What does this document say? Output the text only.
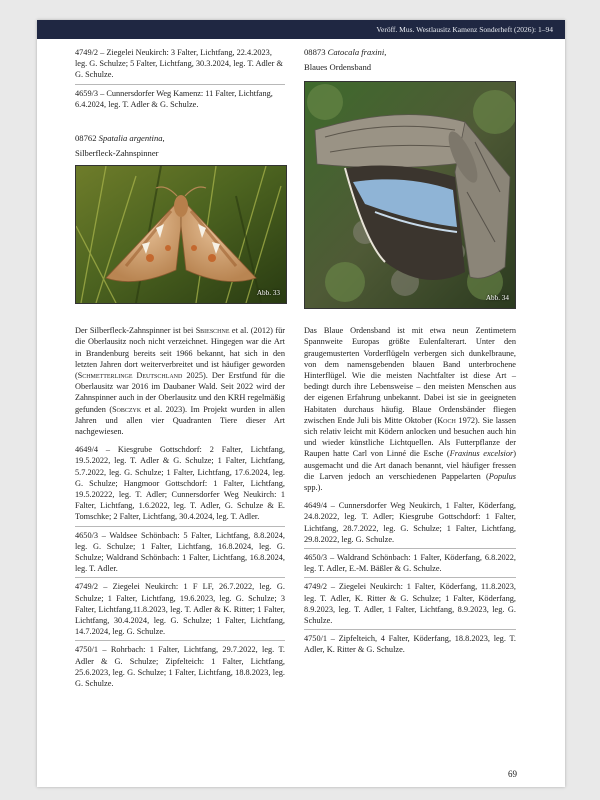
Veröff. Mus. Westlausitz Kamenz Sonderheft (2026): 1–94

4749/2 – Ziegelei Neukirch: 3 Falter, Lichtfang, 22.4.2023, leg. G. Schulze; 5 Falter, Lichtfang, 30.3.2024, leg. T. Adler & G. Schulze.

4659/3 – Cunnersdorfer Weg Kamenz: 11 Falter, Lichtfang, 6.4.2024, leg. T. Adler & G. Schulze.

08762 Spatalia argentina,

Silberfleck-Zahnspinner

Abb. 33

Der Silberfleck-Zahnspinner ist bei Sbieschne et al. (2012) für die Oberlausitz noch nicht verzeichnet. Hingegen war die Art in Brandenburg bereits seit 1966 bekannt, hat sich in den letzten Jahren dort weiterverbreitet und ist häufiger geworden (Schmetterlinge Deutschland 2025). Der Erstfund für die Oberlausitz war 2016 im Daubaner Wald. Seit 2022 wird der Zahnspinner auch in der Oberlausitz und den KRH regelmäßig gefunden (Sobczyk et al. 2023). Im Projekt wurden in allen Jahren und allen vier Quadranten Tiere dieser Art nachgewiesen.

4649/4 – Kiesgrube Gottschdorf: 2 Falter, Lichtfang, 19.5.2022, leg. T. Adler & G. Schulze; 1 Falter, Lichtfang, 5.7.2022, leg. G. Schulze; 1 Falter, Lichtfang, 17.6.2024, leg. G. Schulze; Hangmoor Gottschdorf: 1 Falter, Lichtfang, 19.5.20222, leg. T. Adler; Cunnersdorfer Weg Neukirch: 1 Falter, Lichtfang, 1.6.2022, leg. T. Adler, G. Schulze & E. Tomschke; 2 Falter, Lichtfang, 30.4.2024, leg. T. Adler.

4650/3 – Waldsee Schönbach: 5 Falter, Lichtfang, 8.8.2024, leg. G. Schulze; 1 Falter, Lichtfang, 16.8.2024, leg. G. Schulze; Waldrand Schönbach: 1 Falter, Lichtfang, 16.8.2024, leg. T. Adler.

4749/2 – Ziegelei Neukirch: 1 F LF, 26.7.2022, leg. G. Schulze; 1 Falter, Lichtfang, 19.6.2023, leg. G. Schulze; 3 Falter, Lichtfang,11.8.2023, leg. T. Adler & K. Ritter; 1 Falter, Lichtfang, 30.4.2024, leg. G. Schulze; 1 Falter, Lichtfang, 14.7.2024, leg. G. Schulze.

4750/1 – Rohrbach: 1 Falter, Lichtfang, 29.7.2022, leg. T. Adler & G. Schulze; Zipfelteich: 1 Falter, Lichtfang, 25.6.2023, leg. G. Schulze; 1 Falter, Lichtfang, 18.8.2023, leg. G. Schulze.

08873 Catocala fraxini,

Blaues Ordensband

Abb. 34

Das Blaue Ordensband ist mit etwa neun Zentimetern Spannweite Europas größte Eulenfalterart. Unter den graugemusterten Vorderflügeln verbergen sich dunkelbraune, von dem namensgebenden blauen Band unterbrochene Hinterflügel. Wie die meisten Nachtfalter ist diese Art – bedingt durch ihre Lebensweise – den meisten Menschen aus der eigenen Erfahrung unbekannt. Dabei ist sie in geeigneten Habitaten durchaus häufig. Blaue Ordensbänder fliegen zwischen Ende Juli bis Mitte Oktober (Koch 1972). Sie lassen sich relativ leicht mit Ködern anlocken und besuchen auch hin und wieder künstliche Lichtquellen. Als Futterpflanze der Raupen hatte Carl von Linné die Esche (Fraxinus excelsior) ausgemacht und die Art danach benannt, viel häufiger fressen die Larven jedoch an verschiedenen Pappelarten (Populus spp.).

4649/4 – Cunnersdorfer Weg Neukirch, 1 Falter, Köderfang, 24.8.2022, leg. T. Adler; Kiesgrube Gottschdorf: 1 Falter, Lichtfang, 28.7.2022, leg. G. Schulze; 1 Falter, Lichtfang, 29.8.2022, leg. G. Schulze.

4650/3 – Waldrand Schönbach: 1 Falter, Köderfang, 6.8.2022, leg. T. Adler, E.-M. Bäßler & G. Schulze.

4749/2 – Ziegelei Neukirch: 1 Falter, Köderfang, 11.8.2023, leg. T. Adler, K. Ritter & G. Schulze; 1 Falter, Köderfang, 8.9.2023, leg. T. Adler, 1 Falter, Lichtfang, 8.9.2023, leg. G. Schulze.

4750/1 – Zipfelteich, 4 Falter, Köderfang, 18.8.2023, leg. T. Adler, K. Ritter & G. Schulze.

69
